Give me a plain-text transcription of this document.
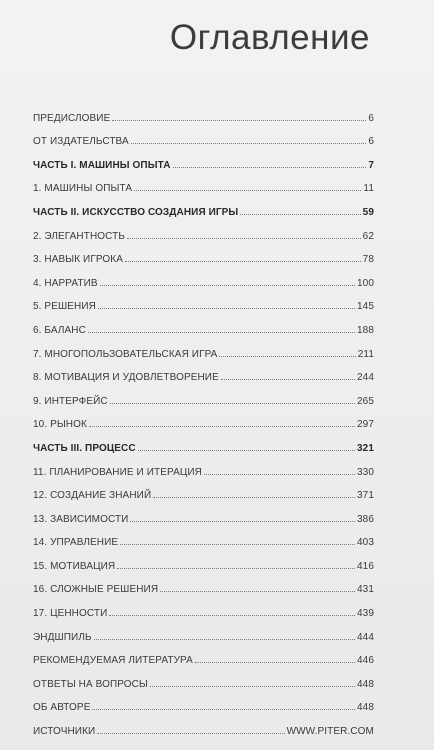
Оглавление
ПРЕДИСЛОВИЕ	6
ОТ ИЗДАТЕЛЬСТВА	6
ЧАСТЬ I. МАШИНЫ ОПЫТА	7
1. МАШИНЫ ОПЫТА	11
ЧАСТЬ II. ИСКУССТВО СОЗДАНИЯ ИГРЫ	59
2. ЭЛЕГАНТНОСТЬ	62
3. НАВЫК ИГРОКА	78
4. НАРРАТИВ	100
5. РЕШЕНИЯ	145
6. БАЛАНС	188
7. МНОГОПОЛЬЗОВАТЕЛЬСКАЯ ИГРА	211
8. МОТИВАЦИЯ И УДОВЛЕТВОРЕНИЕ	244
9. ИНТЕРФЕЙС	265
10. РЫНОК	297
ЧАСТЬ III. ПРОЦЕСС	321
11. ПЛАНИРОВАНИЕ И ИТЕРАЦИЯ	330
12. СОЗДАНИЕ ЗНАНИЙ	371
13. ЗАВИСИМОСТИ	386
14. УПРАВЛЕНИЕ	403
15. МОТИВАЦИЯ	416
16. СЛОЖНЫЕ РЕШЕНИЯ	431
17. ЦЕННОСТИ	439
ЭНДШПИЛЬ	444
РЕКОМЕНДУЕМАЯ ЛИТЕРАТУРА	446
ОТВЕТЫ НА ВОПРОСЫ	448
ОБ АВТОРЕ	448
ИСТОЧНИКИ	WWW.PITER.COM
